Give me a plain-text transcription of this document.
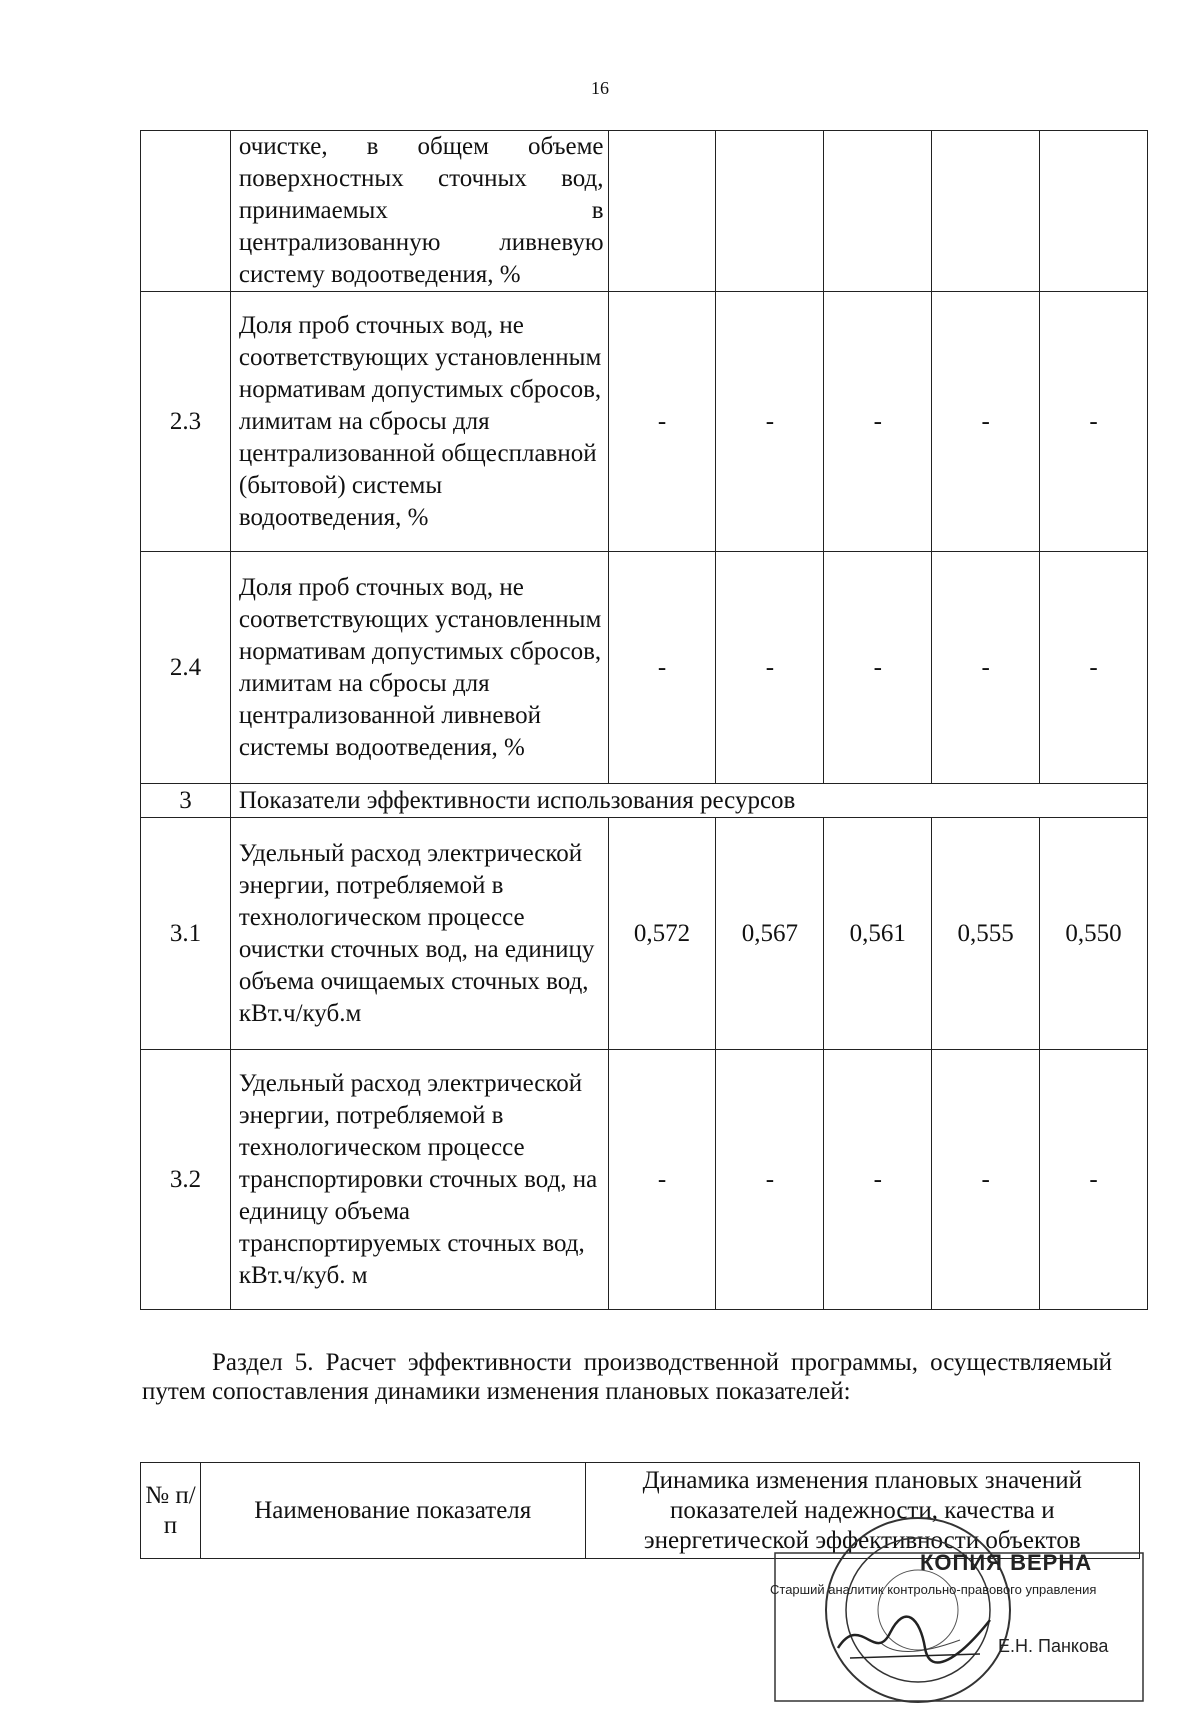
16
	очистке, в общем объеме поверхностных сточных вод, принимаемых в централизованную ливневую систему водоотведения, %					
2.3	Доля проб сточных вод, не соответствующих установленным нормативам допустимых сбросов, лимитам на сбросы для централизованной общесплавной (бытовой) системы водоотведения, %	-	-	-	-	-
2.4	Доля проб сточных вод, не соответствующих установленным нормативам допустимых сбросов, лимитам на сбросы для централизованной ливневой системы водоотведения, %	-	-	-	-	-
3	Показатели эффективности использования ресурсов					
3.1	Удельный расход электрической энергии, потребляемой в технологическом процессе очистки сточных вод, на единицу объема очищаемых сточных вод, кВт.ч/куб.м	0,572	0,567	0,561	0,555	0,550
3.2	Удельный расход электрической энергии, потребляемой в технологическом процессе транспортировки сточных вод, на единицу объема транспортируемых сточных вод, кВт.ч/куб. м	-	-	-	-	-
Раздел 5. Расчет эффективности производственной программы, осуществляемый путем сопоставления динамики изменения плановых показателей:
№ п/п	Наименование показателя	Динамика изменения плановых значений показателей надежности, качества и энергетической эффективности объектов
КОПИЯ ВЕРНА
Старший аналитик контрольно-правового управления
Е.Н. Панкова
